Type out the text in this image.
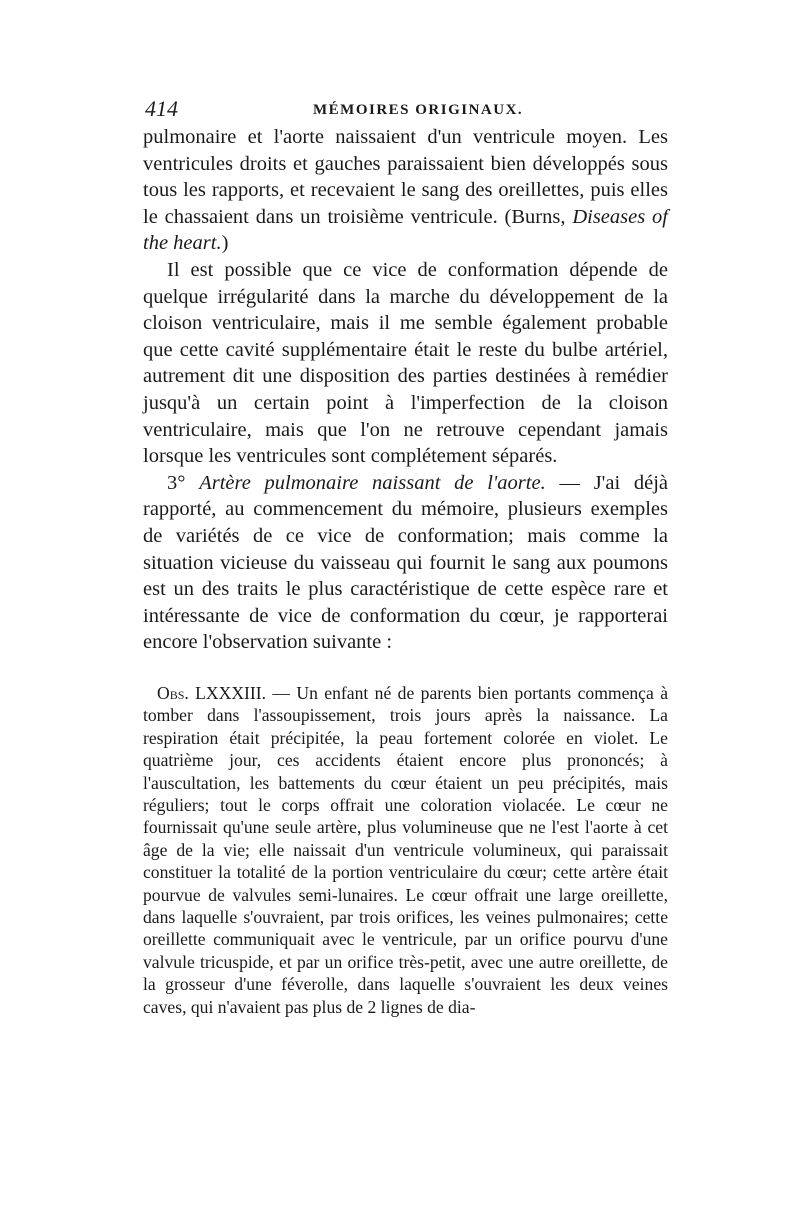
414	MÉMOIRES ORIGINAUX.

pulmonaire et l'aorte naissaient d'un ventricule moyen. Les ventricules droits et gauches paraissaient bien développés sous tous les rapports, et recevaient le sang des oreillettes, puis elles le chassaient dans un troisième ventricule. (Burns, Diseases of the heart.)

Il est possible que ce vice de conformation dépende de quelque irrégularité dans la marche du développement de la cloison ventriculaire, mais il me semble également probable que cette cavité supplémentaire était le reste du bulbe artériel, autrement dit une disposition des parties destinées à remédier jusqu'à un certain point à l'imperfection de la cloison ventriculaire, mais que l'on ne retrouve cependant jamais lorsque les ventricules sont complétement séparés.

3° Artère pulmonaire naissant de l'aorte. — J'ai déjà rapporté, au commencement du mémoire, plusieurs exemples de variétés de ce vice de conformation; mais comme la situation vicieuse du vaisseau qui fournit le sang aux poumons est un des traits le plus caractéristique de cette espèce rare et intéressante de vice de conformation du cœur, je rapporterai encore l'observation suivante :

Obs. LXXXIII. — Un enfant né de parents bien portants commença à tomber dans l'assoupissement, trois jours après la naissance. La respiration était précipitée, la peau fortement colorée en violet. Le quatrième jour, ces accidents étaient encore plus prononcés; à l'auscultation, les battements du cœur étaient un peu précipités, mais réguliers; tout le corps offrait une coloration violacée. Le cœur ne fournissait qu'une seule artère, plus volumineuse que ne l'est l'aorte à cet âge de la vie; elle naissait d'un ventricule volumineux, qui paraissait constituer la totalité de la portion ventriculaire du cœur; cette artère était pourvue de valvules semi-lunaires. Le cœur offrait une large oreillette, dans laquelle s'ouvraient, par trois orifices, les veines pulmonaires; cette oreillette communiquait avec le ventricule, par un orifice pourvu d'une valvule tricuspide, et par un orifice très-petit, avec une autre oreillette, de la grosseur d'une féverolle, dans laquelle s'ouvraient les deux veines caves, qui n'avaient pas plus de 2 lignes de dia-
